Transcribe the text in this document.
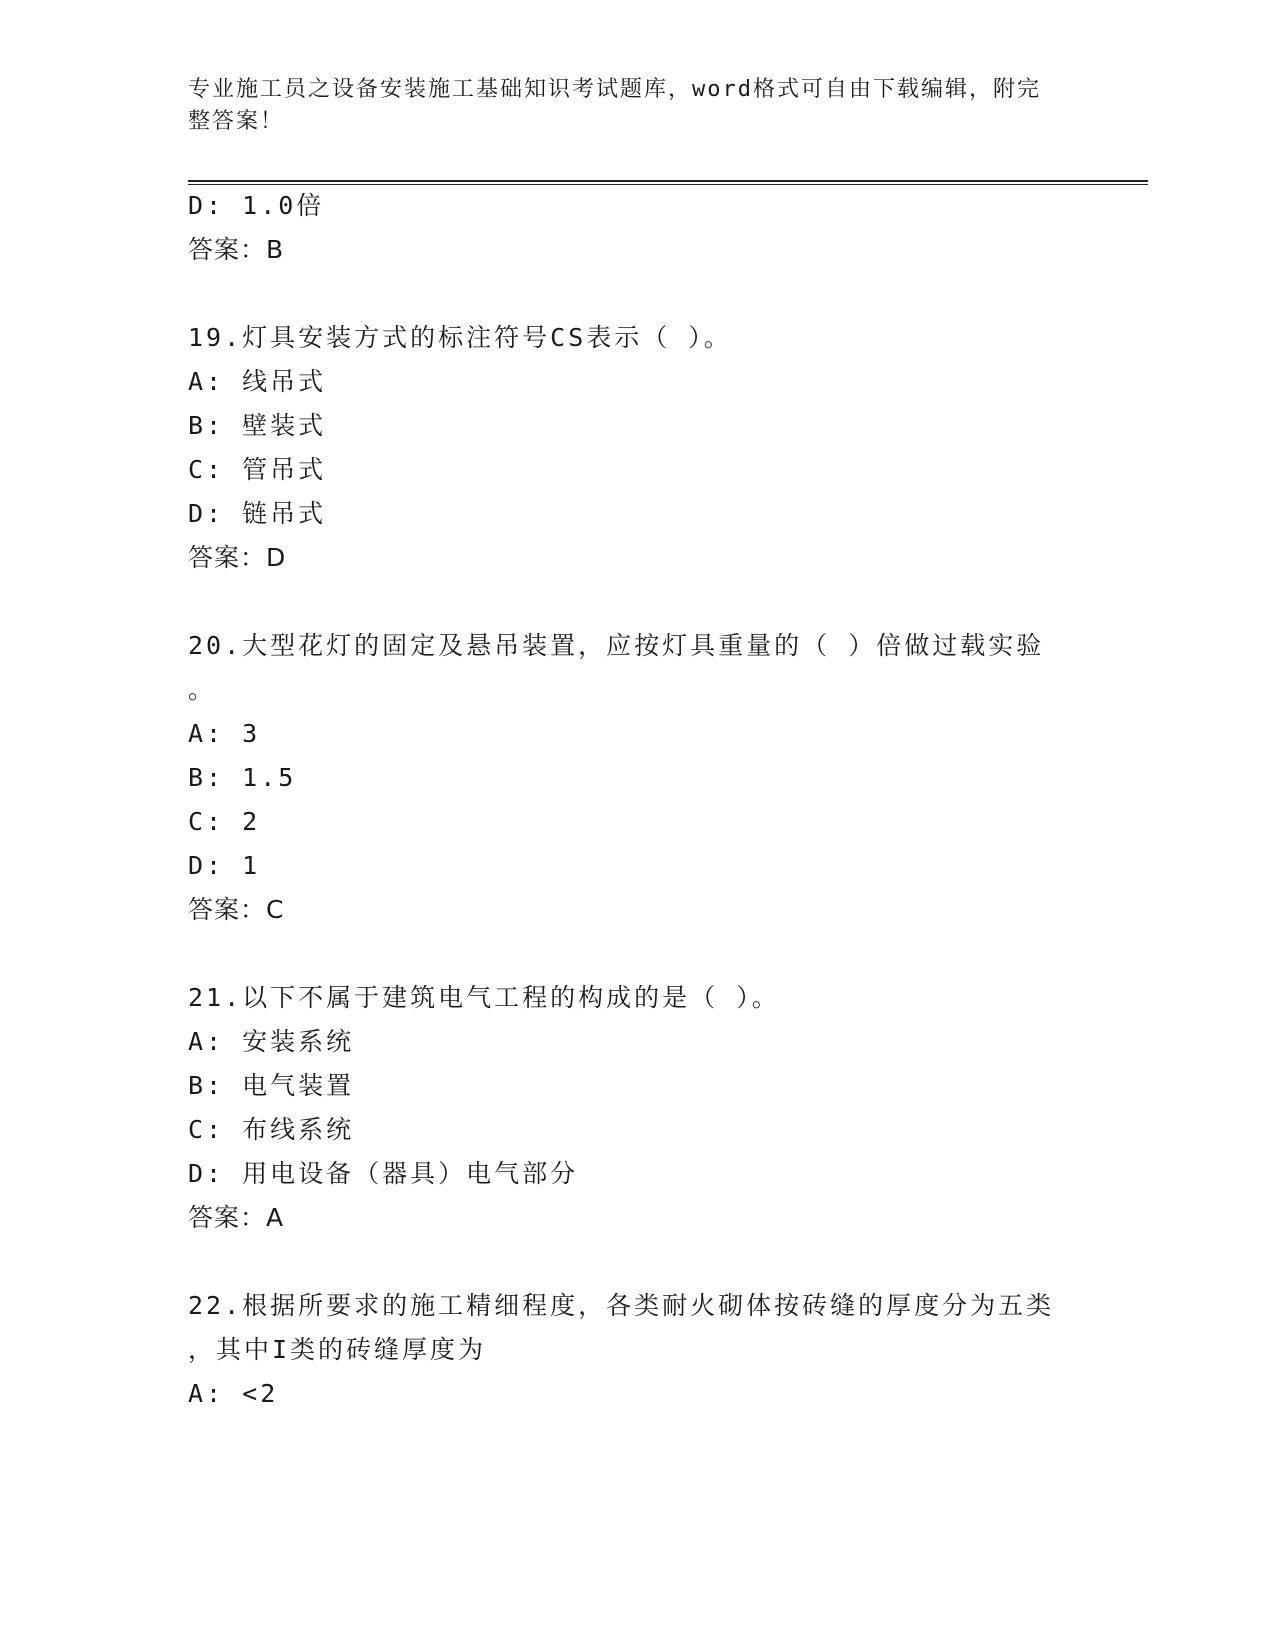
专业施工员之设备安装施工基础知识考试题库，word格式可自由下载编辑，附完
整答案！
D: 1.0倍
答案：B
19.灯具安装方式的标注符号CS表示（ ）。
A: 线吊式
B: 壁装式
C: 管吊式
D: 链吊式
答案：D
20.大型花灯的固定及悬吊装置，应按灯具重量的（ ）倍做过载实验
。
A: 3
B: 1.5
C: 2
D: 1
答案：C
21.以下不属于建筑电气工程的构成的是（ ）。
A: 安装系统
B: 电气装置
C: 布线系统
D: 用电设备（器具）电气部分
答案：A
22.根据所要求的施工精细程度，各类耐火砌体按砖缝的厚度分为五类
，其中I类的砖缝厚度为
A: <2
